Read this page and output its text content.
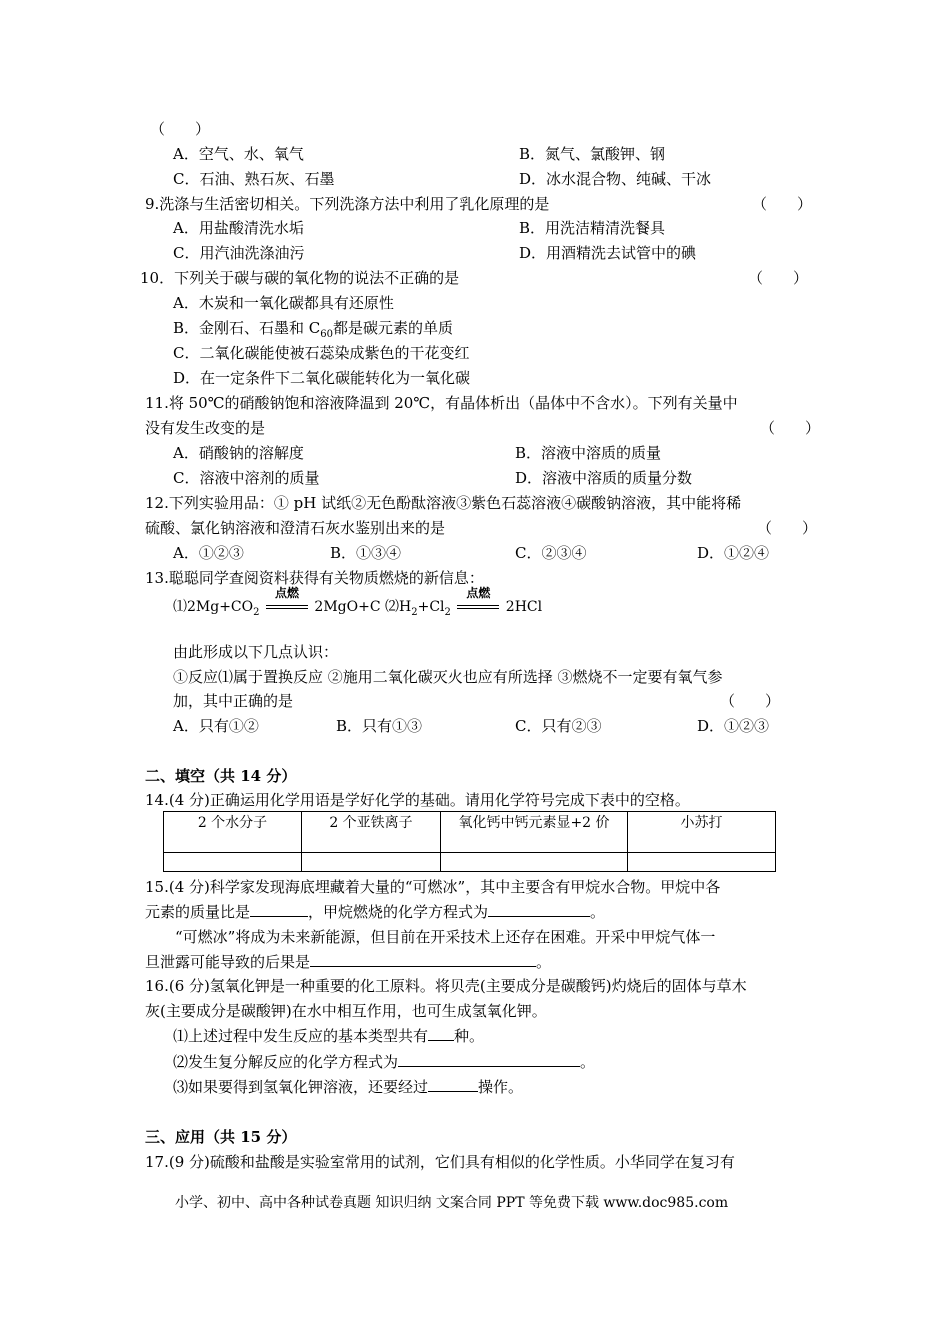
（　　）
A．空气、水、氧气	B．氮气、氯酸钾、钢
C．石油、熟石灰、石墨	D．冰水混合物、纯碱、干冰
9.洗涤与生活密切相关。下列洗涤方法中利用了乳化原理的是	（　　）
A．用盐酸清洗水垢	B．用洗洁精清洗餐具
C．用汽油洗涤油污	D．用酒精洗去试管中的碘
10．下列关于碳与碳的氧化物的说法不正确的是	（　　）
A．木炭和一氧化碳都具有还原性
B．金刚石、石墨和 $C_{60}$都是碳元素的单质
C．二氧化碳能使被石蕊染成紫色的干花变红
D．在一定条件下二氧化碳能转化为一氧化碳
11.将 50℃的硝酸钠饱和溶液降温到 20℃，有晶体析出（晶体中不含水）。下列有关量中
没有发生改变的是	（　　）
A．硝酸钠的溶解度	B．溶液中溶质的质量
C．溶液中溶剂的质量	D．溶液中溶质的质量分数
12.下列实验用品：① pH 试纸②无色酚酞溶液③紫色石蕊溶液④碳酸钠溶液，其中能将稀
硫酸、氯化钠溶液和澄清石灰水鉴别出来的是	（　　）
A．①②③	B．①③④	C．②③④	D．①②④
13.聪聪同学查阅资料获得有关物质燃烧的新信息：
$⑴2Mg+CO_2$
点燃
2MgO+C $⑵H_2+Cl_2$
点燃
2HCl
由此形成以下几点认识：
①反应⑴属于置换反应 ②施用二氧化碳灭火也应有所选择 ③燃烧不一定要有氧气参
加，其中正确的是	（　　）
A．只有①②	B．只有①③	C．只有②③	D．①②③
二、填空（共 14 分）
14.(4 分)正确运用化学用语是学好化学的基础。请用化学符号完成下表中的空格。
2 个水分子	2 个亚铁离子	氧化钙中钙元素显+2 价	小苏打

15.(4 分)科学家发现海底埋藏着大量的“可燃冰”，其中主要含有甲烷水合物。甲烷中各
元素的质量比是	，甲烷燃烧的化学方程式为	。
“可燃冰”将成为未来新能源，但目前在开采技术上还存在困难。开采中甲烷气体一
旦泄露可能导致的后果是	。
16.(6 分)氢氧化钾是一种重要的化工原料。将贝壳(主要成分是碳酸钙)灼烧后的固体与草木
灰(主要成分是碳酸钾)在水中相互作用，也可生成氢氧化钾。
⑴上述过程中发生反应的基本类型共有 种。
⑵发生复分解反应的化学方程式为	。
⑶如果要得到氢氧化钾溶液，还要经过	操作。
三、应用（共 15 分）
17.(9 分)硫酸和盐酸是实验室常用的试剂，它们具有相似的化学性质。小华同学在复习有
小学、初中、高中各种试卷真题 知识归纳 文案合同 PPT 等免费下载 www.doc985.com
